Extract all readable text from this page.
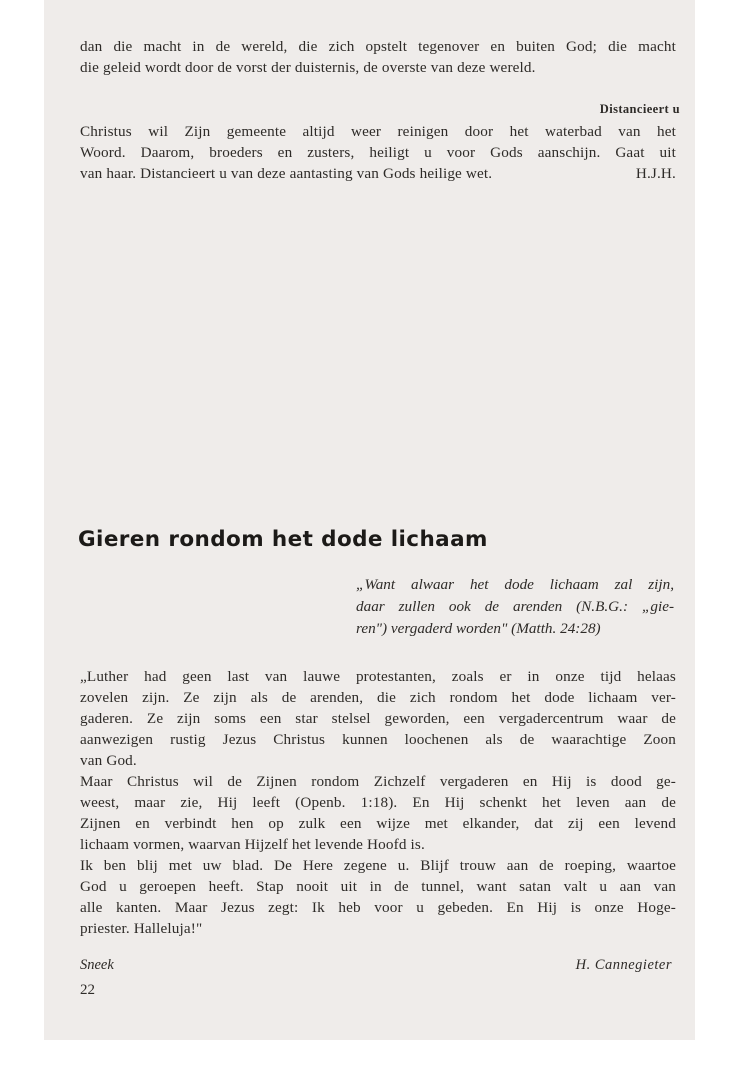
dan die macht in de wereld, die zich opstelt tegenover en buiten God; die macht
die geleid wordt door de vorst der duisternis, de overste van deze wereld.
Distancieert u
Christus wil Zijn gemeente altijd weer reinigen door het waterbad van het
Woord. Daarom, broeders en zusters, heiligt u voor Gods aanschijn. Gaat uit
van haar. Distancieert u van deze aantasting van Gods heilige wet.	H.J.H.
Gieren rondom het dode lichaam
„Want alwaar het dode lichaam zal zijn,
daar zullen ook de arenden (N.B.G.: „gie-
ren") vergaderd worden" (Matth. 24:28)
„Luther had geen last van lauwe protestanten, zoals er in onze tijd helaas
zovelen zijn. Ze zijn als de arenden, die zich rondom het dode lichaam ver-
gaderen. Ze zijn soms een star stelsel geworden, een vergadercentrum waar de
aanwezigen rustig Jezus Christus kunnen loochenen als de waarachtige Zoon
van God.
Maar Christus wil de Zijnen rondom Zichzelf vergaderen en Hij is dood ge-
weest, maar zie, Hij leeft (Openb. 1:18). En Hij schenkt het leven aan de
Zijnen en verbindt hen op zulk een wijze met elkander, dat zij een levend
lichaam vormen, waarvan Hijzelf het levende Hoofd is.
Ik ben blij met uw blad. De Here zegene u. Blijf trouw aan de roeping, waartoe
God u geroepen heeft. Stap nooit uit in de tunnel, want satan valt u aan van
alle kanten. Maar Jezus zegt: Ik heb voor u gebeden. En Hij is onze Hoge-
priester. Halleluja!"
Sneek	H. Cannegieter
22
